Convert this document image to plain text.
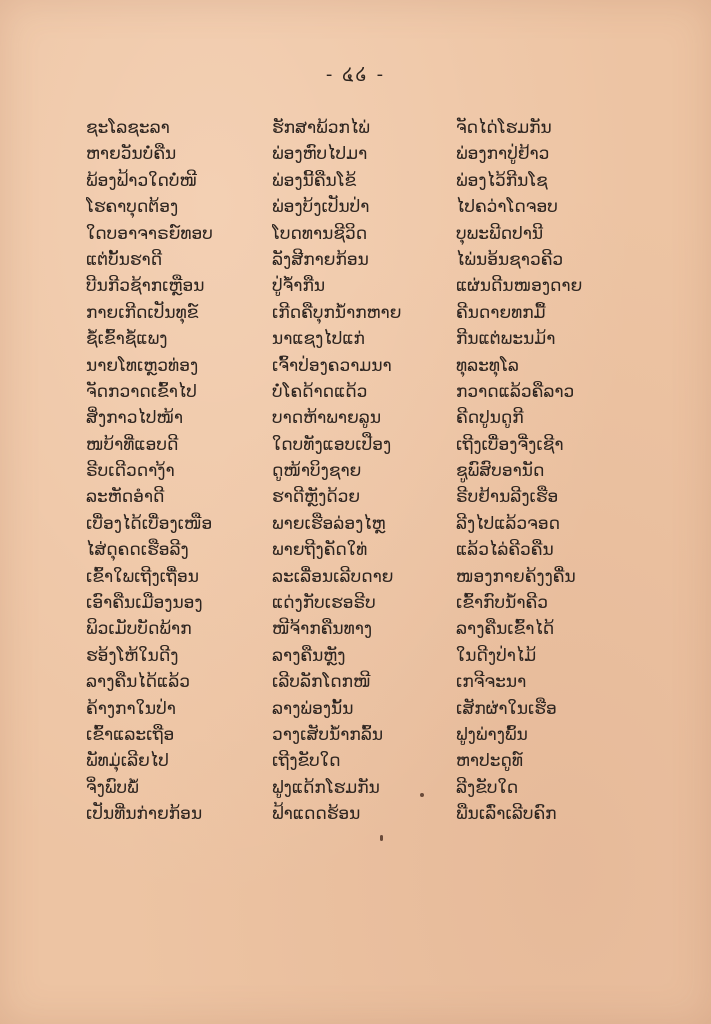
- ໔໒ -
ຊະໂລຊະລາ
ຫາຍວັນບໍ່ຄືນ
ພ້ອງຟ້າວໃດບໍ່ໜີ
ໂຮຄາບຸດຕ້ອງ
ໃດບອາຈາຣຍ໌ທອບ
ແຕ່ບັ້ນຮາດີ
ບີນກີວຊ້າກເຫຼືອນ
ກາຍເກີດເປັນທຸຂ໌
ຊໍ້ເຂົ້າຊໍ້ແພງ
ນາຍໂທເຫຼວທ່ອງ
ຈັດກວາດເຂົ້າໄປ
ສິ່ງກາວໄປໜ້າ
ໜບ້າທີ່ແອບດີ
ຣີບເດີວດາງ້າ
ລະຫັດອຳດີ
ເບື່ອງໄດ້ເບື່ອງເໜືອ
ໄສ່ດຸຄດເຮືອລີງ
ເຂົ້າໃພເຖີງເຖື່ອນ
ເອົາຄືນເມືອງນອງ
ພິວເມັບບັດພ້າກ
ຮອ້ງໂຫ້ໃນດີງ
ລາງຄືນໄດ້ແລ້ວ
ຄ້າງກາໃນປ່າ
ເຂົ້າແລະເຖືອ
ພັທມຸ່ເລີຍໄປ
ຈິ່ງພົບພໍ້
ເປັນທີ່ນກ່າຍກ້ອນ
ຮັກສາພ້ວກໄພ່
ພ່ອງຫົບໄປມາ
ພ່ອງນີ້ຄືນໂຂ້
ພ່ອງບ້ງເປັນປ່າ
ໂບດທານຊີວິດ
ລັງສີກາຍກ້ອນ
ປູ່ຈ້ຳກືນ
ເກີດຄືບຸກນ້ຳກຫາຍ
ນາແຊງໄປແກ່
ເຈົ້າປ່ອງຄວາມນາ
ບໍ່ໂຄດ້າດແດ້ວ
ບາດຫ້າພາຍລູນ
ໃດບທັງແອບເປືອງ
ດູໜ້າບິງຊາຍ
ຮາດີຫຼັງດ້ວຍ
ພາຍເຮືອລ່ອງໄຫຼ
ພາຍຖີງຄັດໃທ່
ລະເລື່ອນເລີບດາຍ
ແດ່ງກັບເຮອຣີບ
ໜີຈ້າກຄືນທາງ
ລາງຄືນຫຼັງ
ເລີບລັກໂດກໜີ
ລາງພ່ອງນັ້ນ
ວາງເສັບນ້ຳກລົ້ນ
ເຖີງຂັບໃດ
ຟູງແດ້ກໂຮມກັນ
ຟ້າແດດຮ້ອນ
ຈັດໄດ່ໂຮມກັນ
ພ່ອງກາປູ່ຢ້າວ
ພ່ອງໄວ້ກີນໂຊ
ໄປຄວ່າໂດຈອບ
ບຸພະພີດປານີ
ໄພ່ນອ້ນຊາວຄີວ
ແຜ່ນດີນໜອງດາຍ
ຄີນດາຍທກມື້
ກີນແຕ່ພະນມ້າ
ທຸລະທຸໂລ
ກວາດແລ້ວຄືລາວ
ຄີດປູນດູກີ
ເຖີງເບື່ອງຈີ່ງເຊີາ
ຊູພົສົບອານັດ
ຣີບຢ້ານລີງເຮືອ
ລີງໄປແລ້ວຈອດ
ແລ້ວໄລ່ຄີວຄືນ
ໜອງກາຍຄ້ງງຄື່ນ
ເຂົ້າກົບນ້ຳຄີວ
ລາງຄືນເຂົ້າໄດ້
ໃນດີງປ່າໄມ້
ເກຈີຈະນາ
ເສັກຜ່າໃນເຮືອ
ຟູງພ່າງພົ້ນ
ຫາປະດູທ໌
ລີງຂັບໃດ
ພືນເລົ່າເລີບຄົກ
